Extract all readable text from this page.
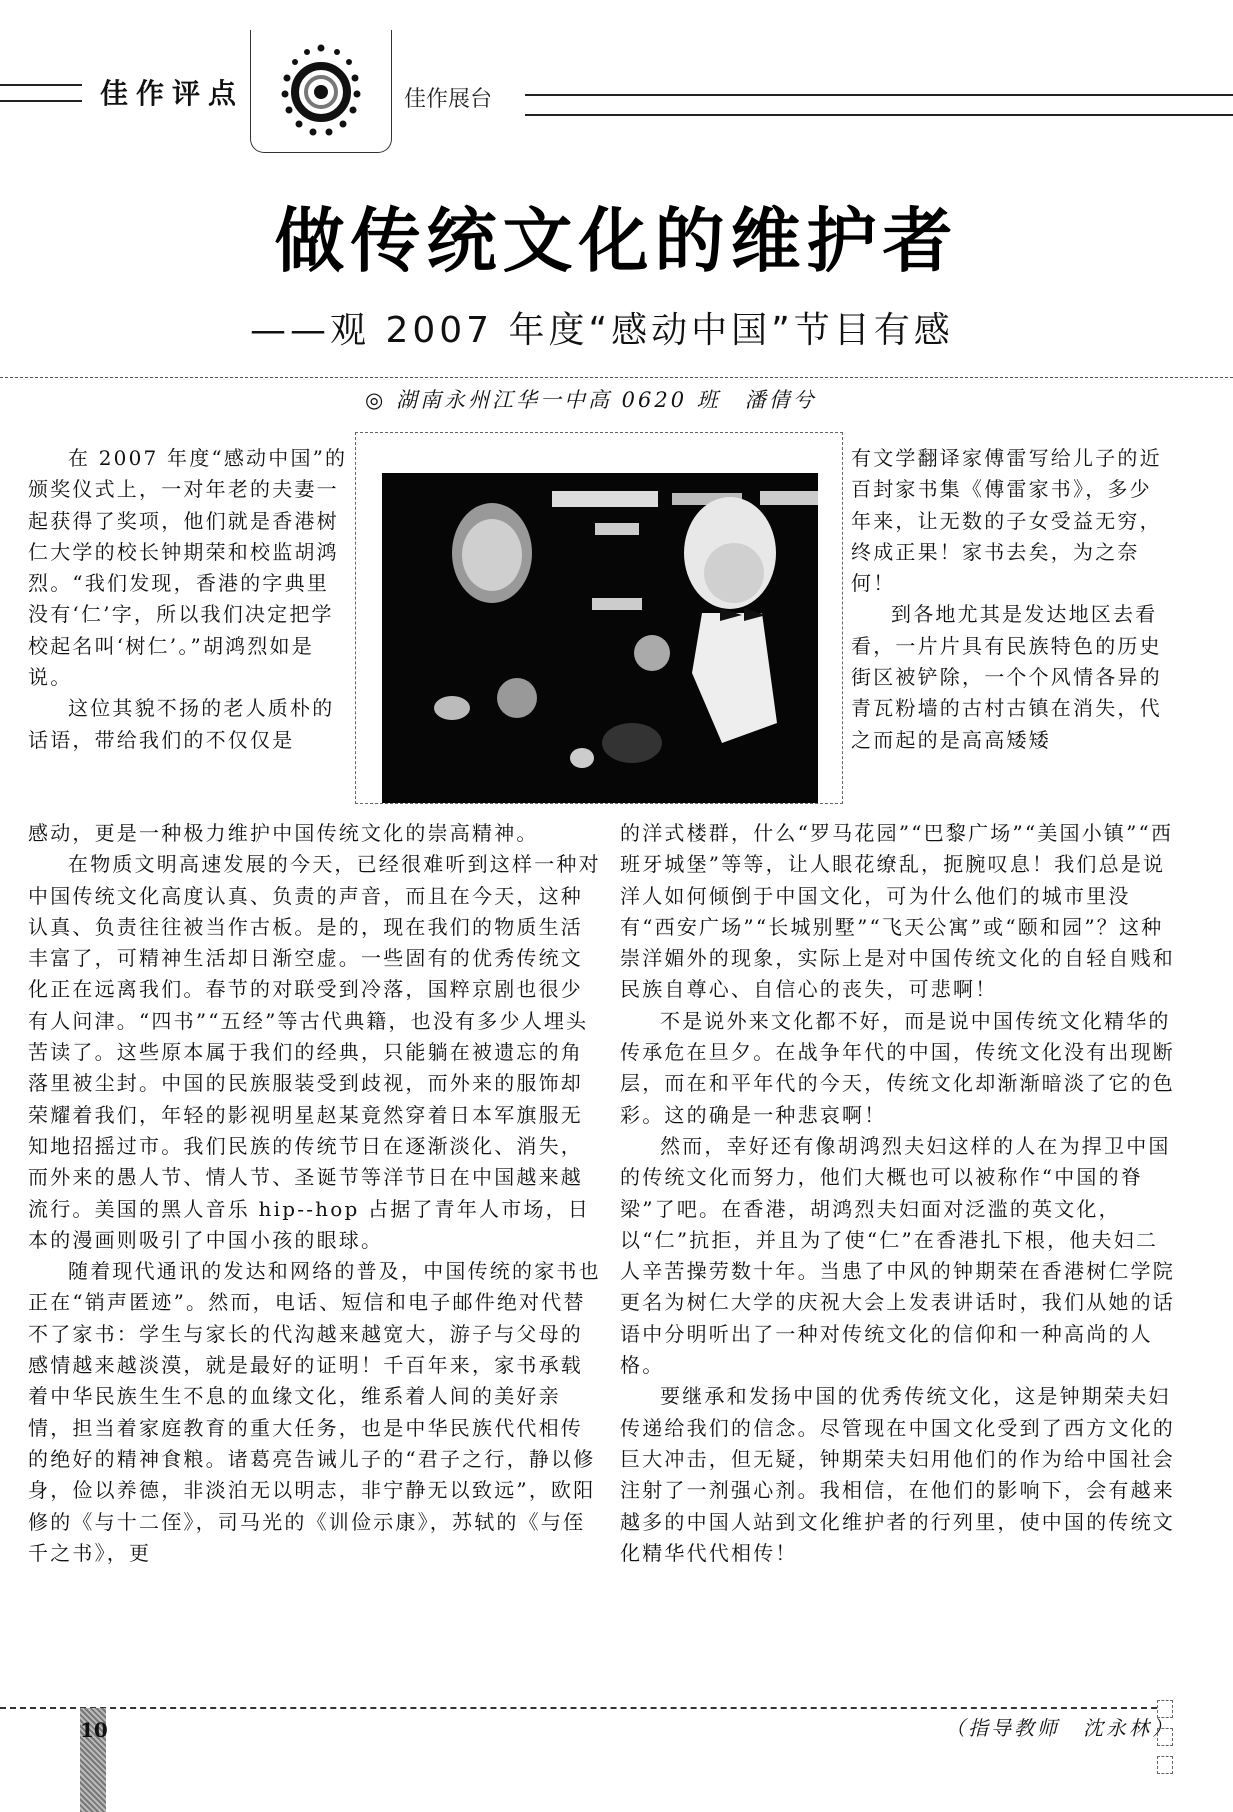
佳作评点	佳作展台
做传统文化的维护者
——观 2007 年度“感动中国”节目有感
◎ 湖南永州江华一中高 0620 班　潘倩兮

在 2007 年度“感动中国”的颁奖仪式上，一对年老的夫妻一起获得了奖项，他们就是香港树仁大学的校长钟期荣和校监胡鸿烈。“我们发现，香港的字典里没有‘仁’字，所以我们决定把学校起名叫‘树仁’。”胡鸿烈如是说。

这位其貌不扬的老人质朴的话语，带给我们的不仅仅是

感动，更是一种极力维护中国传统文化的崇高精神。

在物质文明高速发展的今天，已经很难听到这样一种对中国传统文化高度认真、负责的声音，而且在今天，这种认真、负责往往被当作古板。是的，现在我们的物质生活丰富了，可精神生活却日渐空虚。一些固有的优秀传统文化正在远离我们。春节的对联受到冷落，国粹京剧也很少有人问津。“四书”“五经”等古代典籍，也没有多少人埋头苦读了。这些原本属于我们的经典，只能躺在被遗忘的角落里被尘封。中国的民族服装受到歧视，而外来的服饰却荣耀着我们，年轻的影视明星赵某竟然穿着日本军旗服无知地招摇过市。我们民族的传统节日在逐渐淡化、消失，而外来的愚人节、情人节、圣诞节等洋节日在中国越来越流行。美国的黑人音乐 hip--hop 占据了青年人市场，日本的漫画则吸引了中国小孩的眼球。

随着现代通讯的发达和网络的普及，中国传统的家书也正在“销声匿迹”。然而，电话、短信和电子邮件绝对代替不了家书：学生与家长的代沟越来越宽大，游子与父母的感情越来越淡漠，就是最好的证明！千百年来，家书承载着中华民族生生不息的血缘文化，维系着人间的美好亲情，担当着家庭教育的重大任务，也是中华民族代代相传的绝好的精神食粮。诸葛亮告诫儿子的“君子之行，静以修身，俭以养德，非淡泊无以明志，非宁静无以致远”，欧阳修的《与十二侄》，司马光的《训俭示康》，苏轼的《与侄千之书》，更

有文学翻译家傅雷写给儿子的近百封家书集《傅雷家书》，多少年来，让无数的子女受益无穷，终成正果！家书去矣，为之奈何！

到各地尤其是发达地区去看看，一片片具有民族特色的历史街区被铲除，一个个风情各异的青瓦粉墙的古村古镇在消失，代之而起的是高高矮矮

的洋式楼群，什么“罗马花园”“巴黎广场”“美国小镇”“西班牙城堡”等等，让人眼花缭乱，扼腕叹息！我们总是说洋人如何倾倒于中国文化，可为什么他们的城市里没有“西安广场”“长城别墅”“飞天公寓”或“颐和园”？这种崇洋媚外的现象，实际上是对中国传统文化的自轻自贱和民族自尊心、自信心的丧失，可悲啊！

不是说外来文化都不好，而是说中国传统文化精华的传承危在旦夕。在战争年代的中国，传统文化没有出现断层，而在和平年代的今天，传统文化却渐渐暗淡了它的色彩。这的确是一种悲哀啊！

然而，幸好还有像胡鸿烈夫妇这样的人在为捍卫中国的传统文化而努力，他们大概也可以被称作“中国的脊梁”了吧。在香港，胡鸿烈夫妇面对泛滥的英文化，以“仁”抗拒，并且为了使“仁”在香港扎下根，他夫妇二人辛苦操劳数十年。当患了中风的钟期荣在香港树仁学院更名为树仁大学的庆祝大会上发表讲话时，我们从她的话语中分明听出了一种对传统文化的信仰和一种高尚的人格。

要继承和发扬中国的优秀传统文化，这是钟期荣夫妇传递给我们的信念。尽管现在中国文化受到了西方文化的巨大冲击，但无疑，钟期荣夫妇用他们的作为给中国社会注射了一剂强心剂。我相信，在他们的影响下，会有越来越多的中国人站到文化维护者的行列里，使中国的传统文化精华代代相传！

（指导教师　沈永林）
10
